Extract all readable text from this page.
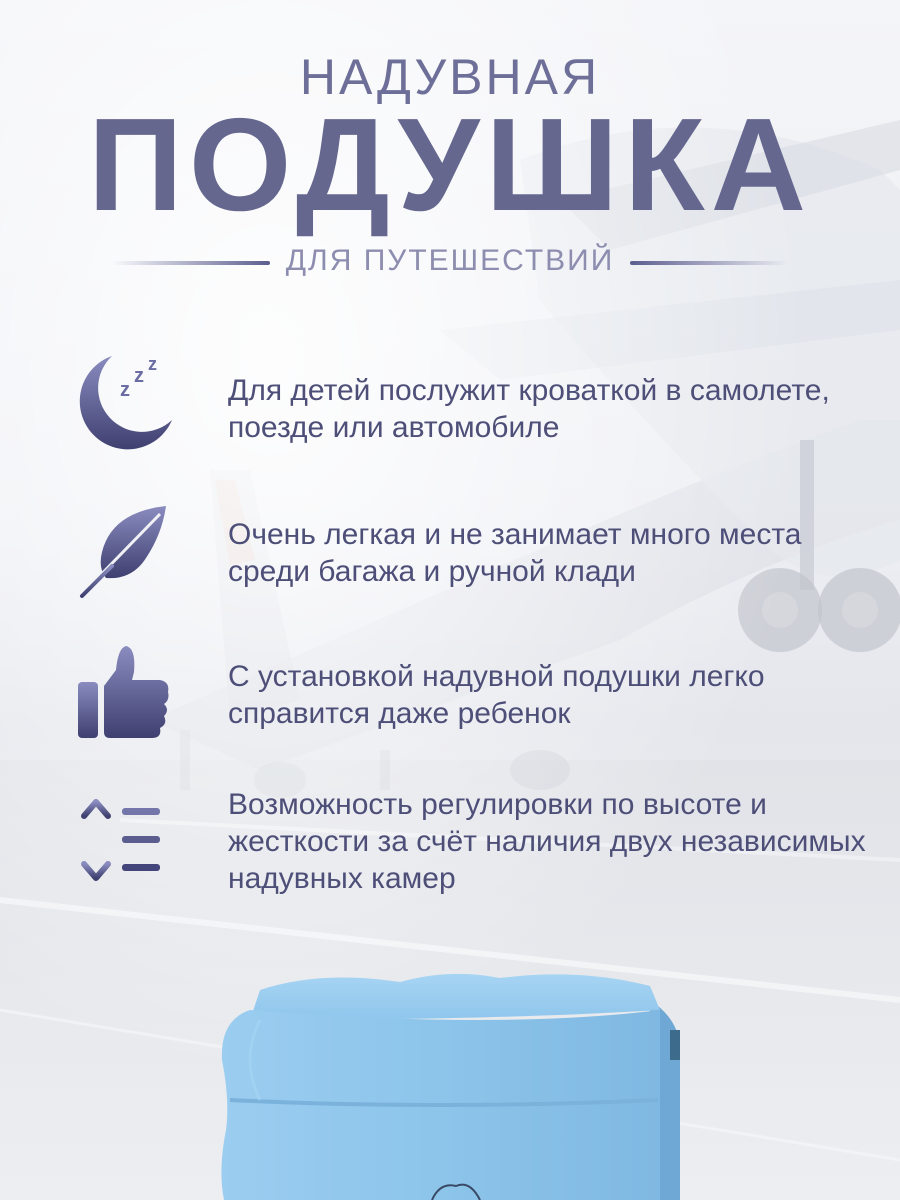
НАДУВНАЯ
ПОДУШКА
ДЛЯ ПУТЕШЕСТВИЙ
z
z
z
Для детей послужит кроваткой в самолете, поезде или автомобиле
Очень легкая и не занимает много места среди багажа и ручной клади
С установкой надувной подушки легко справится даже ребенок
Возможность регулировки по высоте и жесткости за счёт наличия двух независимых надувных камер
